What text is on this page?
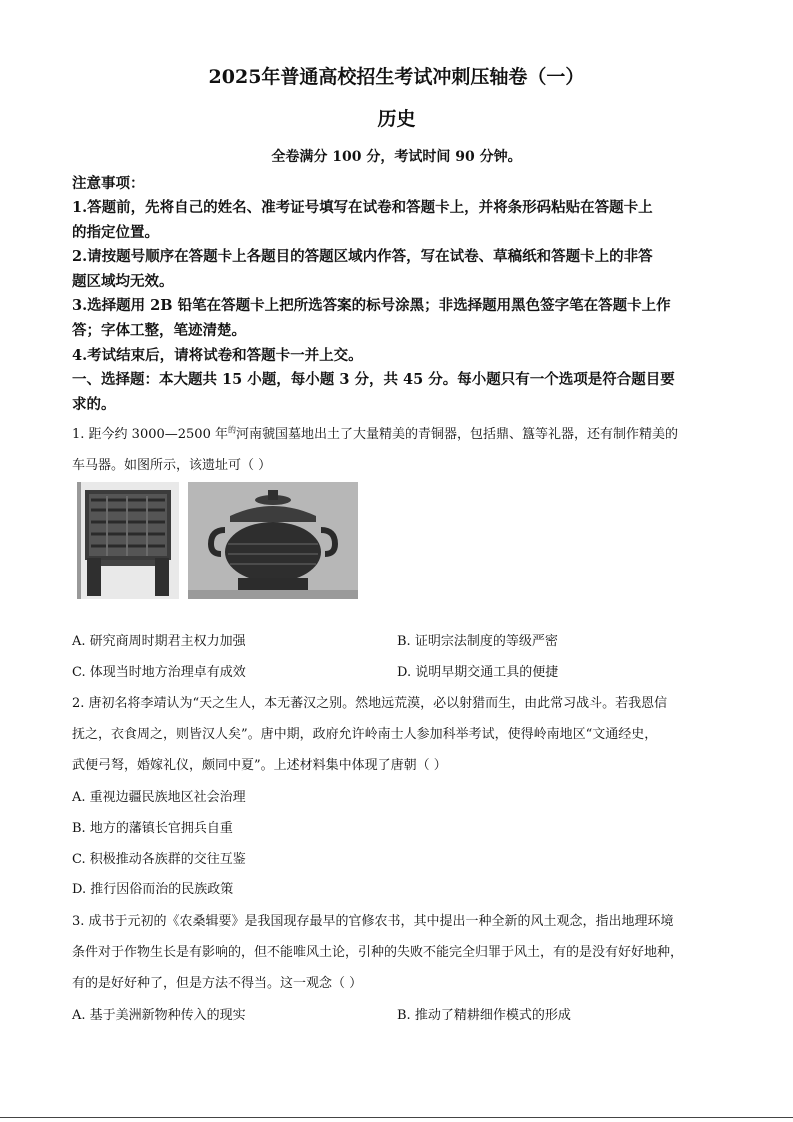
2025年普通高校招生考试冲刺压轴卷（一）
历史
全卷满分 100 分，考试时间 90 分钟。
注意事项：
1.答题前，先将自己的姓名、准考证号填写在试卷和答题卡上，并将条形码粘贴在答题卡上
的指定位置。
2.请按题号顺序在答题卡上各题目的答题区域内作答，写在试卷、草稿纸和答题卡上的非答
题区域均无效。
3.选择题用 2B 铅笔在答题卡上把所选答案的标号涂黑；非选择题用黑色签字笔在答题卡上作
答；字体工整，笔迹清楚。
4.考试结束后，请将试卷和答题卡一并上交。
一、选择题：本大题共 15 小题，每小题 3 分，共 45 分。每小题只有一个选项是符合题目要
求的。
1. 距今约 3000—2500 年$^的$河南虢国墓地出土了大量精美的青铜器，包括鼎、簋等礼器，还有制作精美的
车马器。如图所示，该遗址可（ ）
A. 研究商周时期君主权力加强	B. 证明宗法制度的等级严密
C. 体现当时地方治理卓有成效	D. 说明早期交通工具的便捷
2. 唐初名将李靖认为“天之生人，本无蕃汉之别。然地远荒漠，必以射猎而生，由此常习战斗。若我恩信
抚之，衣食周之，则皆汉人矣”。唐中期，政府允许岭南士人参加科举考试，使得岭南地区“文通经史，
武便弓弩，婚嫁礼仪，颇同中夏”。上述材料集中体现了唐朝（ ）
A. 重视边疆民族地区社会治理
B. 地方的藩镇长官拥兵自重
C. 积极推动各族群的交往互鉴
D. 推行因俗而治的民族政策
3. 成书于元初的《农桑辑要》是我国现存最早的官修农书，其中提出一种全新的风土观念，指出地理环境
条件对于作物生长是有影响的，但不能唯风土论，引种的失败不能完全归罪于风土，有的是没有好好地种，
有的是好好种了，但是方法不得当。这一观念（ ）
A. 基于美洲新物种传入的现实	B. 推动了精耕细作模式的形成
